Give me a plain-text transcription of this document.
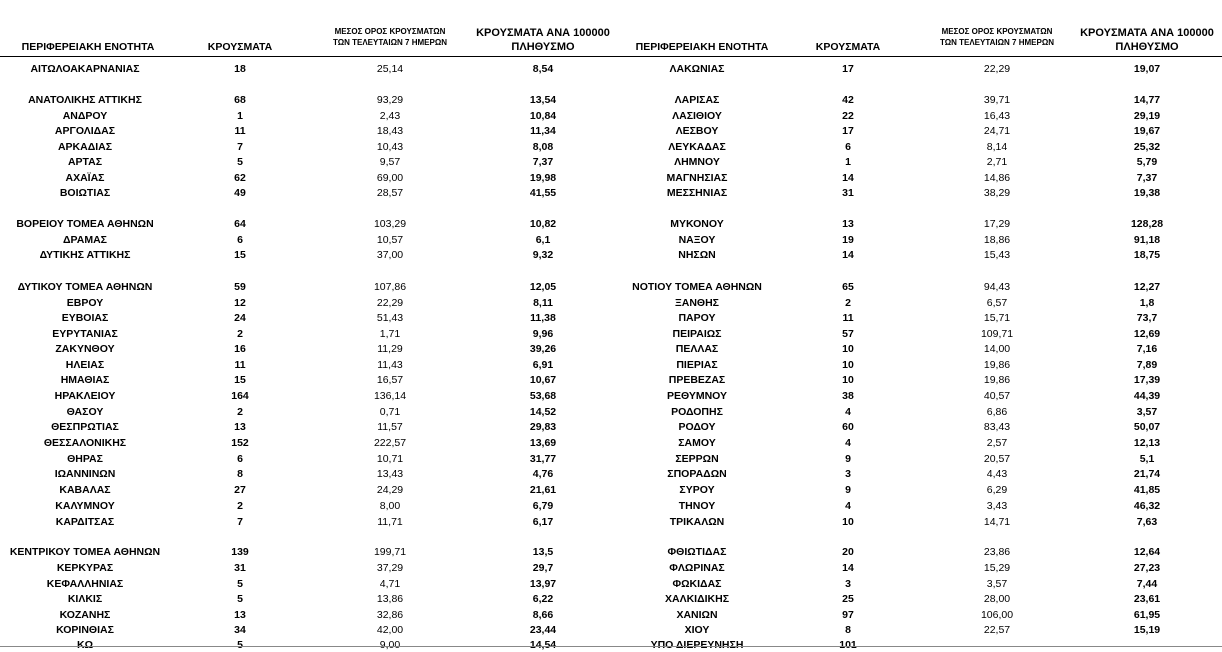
ΠΕΡΙΦΕΡΕΙΑΚΗ ΕΝΟΤΗΤΑ	ΚΡΟΥΣΜΑΤΑ
ΜΕΣΟΣ ΟΡΟΣ ΚΡΟΥΣΜΑΤΩΝ
ΤΩΝ ΤΕΛΕΥΤΑΙΩΝ 7 ΗΜΕΡΩΝ
ΚΡΟΥΣΜΑΤΑ ΑΝΑ 100000
ΠΛΗΘΥΣΜΟ
ΑΙΤΩΛΟΑΚΑΡΝΑΝΙΑΣ	18	25,14	8,54
ΑΝΑΤΟΛΙΚΗΣ ΑΤΤΙΚΗΣ	68	93,29	13,54
ΑΝΔΡΟΥ	1	2,43	10,84
ΑΡΓΟΛΙΔΑΣ	11	18,43	11,34
ΑΡΚΑΔΙΑΣ	7	10,43	8,08
ΑΡΤΑΣ	5	9,57	7,37
ΑΧΑΪΑΣ	62	69,00	19,98
ΒΟΙΩΤΙΑΣ	49	28,57	41,55
ΒΟΡΕΙΟΥ ΤΟΜΕΑ ΑΘΗΝΩΝ	64	103,29	10,82
ΔΡΑΜΑΣ	6	10,57	6,1
ΔΥΤΙΚΗΣ ΑΤΤΙΚΗΣ	15	37,00	9,32
ΔΥΤΙΚΟΥ ΤΟΜΕΑ ΑΘΗΝΩΝ	59	107,86	12,05
ΕΒΡΟΥ	12	22,29	8,11
ΕΥΒΟΙΑΣ	24	51,43	11,38
ΕΥΡΥΤΑΝΙΑΣ	2	1,71	9,96
ΖΑΚΥΝΘΟΥ	16	11,29	39,26
ΗΛΕΙΑΣ	11	11,43	6,91
ΗΜΑΘΙΑΣ	15	16,57	10,67
ΗΡΑΚΛΕΙΟΥ	164	136,14	53,68
ΘΑΣΟΥ	2	0,71	14,52
ΘΕΣΠΡΩΤΙΑΣ	13	11,57	29,83
ΘΕΣΣΑΛΟΝΙΚΗΣ	152	222,57	13,69
ΘΗΡΑΣ	6	10,71	31,77
ΙΩΑΝΝΙΝΩΝ	8	13,43	4,76
ΚΑΒΑΛΑΣ	27	24,29	21,61
ΚΑΛΥΜΝΟΥ	2	8,00	6,79
ΚΑΡΔΙΤΣΑΣ	7	11,71	6,17
ΚΕΝΤΡΙΚΟΥ ΤΟΜΕΑ ΑΘΗΝΩΝ	139	199,71	13,5
ΚΕΡΚΥΡΑΣ	31	37,29	29,7
ΚΕΦΑΛΛΗΝΙΑΣ	5	4,71	13,97
ΚΙΛΚΙΣ	5	13,86	6,22
ΚΟΖΑΝΗΣ	13	32,86	8,66
ΚΟΡΙΝΘΙΑΣ	34	42,00	23,44
ΚΩ	5	9,00	14,54
ΠΕΡΙΦΕΡΕΙΑΚΗ ΕΝΟΤΗΤΑ	ΚΡΟΥΣΜΑΤΑ
ΜΕΣΟΣ ΟΡΟΣ ΚΡΟΥΣΜΑΤΩΝ
ΤΩΝ ΤΕΛΕΥΤΑΙΩΝ 7 ΗΜΕΡΩΝ
ΚΡΟΥΣΜΑΤΑ ΑΝΑ 100000
ΠΛΗΘΥΣΜΟ
ΛΑΚΩΝΙΑΣ	17	22,29	19,07
ΛΑΡΙΣΑΣ	42	39,71	14,77
ΛΑΣΙΘΙΟΥ	22	16,43	29,19
ΛΕΣΒΟΥ	17	24,71	19,67
ΛΕΥΚΑΔΑΣ	6	8,14	25,32
ΛΗΜΝΟΥ	1	2,71	5,79
ΜΑΓΝΗΣΙΑΣ	14	14,86	7,37
ΜΕΣΣΗΝΙΑΣ	31	38,29	19,38
ΜΥΚΟΝΟΥ	13	17,29	128,28
ΝΑΞΟΥ	19	18,86	91,18
ΝΗΣΩΝ	14	15,43	18,75
ΝΟΤΙΟΥ ΤΟΜΕΑ ΑΘΗΝΩΝ	65	94,43	12,27
ΞΑΝΘΗΣ	2	6,57	1,8
ΠΑΡΟΥ	11	15,71	73,7
ΠΕΙΡΑΙΩΣ	57	109,71	12,69
ΠΕΛΛΑΣ	10	14,00	7,16
ΠΙΕΡΙΑΣ	10	19,86	7,89
ΠΡΕΒΕΖΑΣ	10	19,86	17,39
ΡΕΘΥΜΝΟΥ	38	40,57	44,39
ΡΟΔΟΠΗΣ	4	6,86	3,57
ΡΟΔΟΥ	60	83,43	50,07
ΣΑΜΟΥ	4	2,57	12,13
ΣΕΡΡΩΝ	9	20,57	5,1
ΣΠΟΡΑΔΩΝ	3	4,43	21,74
ΣΥΡΟΥ	9	6,29	41,85
ΤΗΝΟΥ	4	3,43	46,32
ΤΡΙΚΑΛΩΝ	10	14,71	7,63
ΦΘΙΩΤΙΔΑΣ	20	23,86	12,64
ΦΛΩΡΙΝΑΣ	14	15,29	27,23
ΦΩΚΙΔΑΣ	3	3,57	7,44
ΧΑΛΚΙΔΙΚΗΣ	25	28,00	23,61
ΧΑΝΙΩΝ	97	106,00	61,95
ΧΙΟΥ	8	22,57	15,19
ΥΠΟ ΔΙΕΡΕΥΝΗΣΗ	101
